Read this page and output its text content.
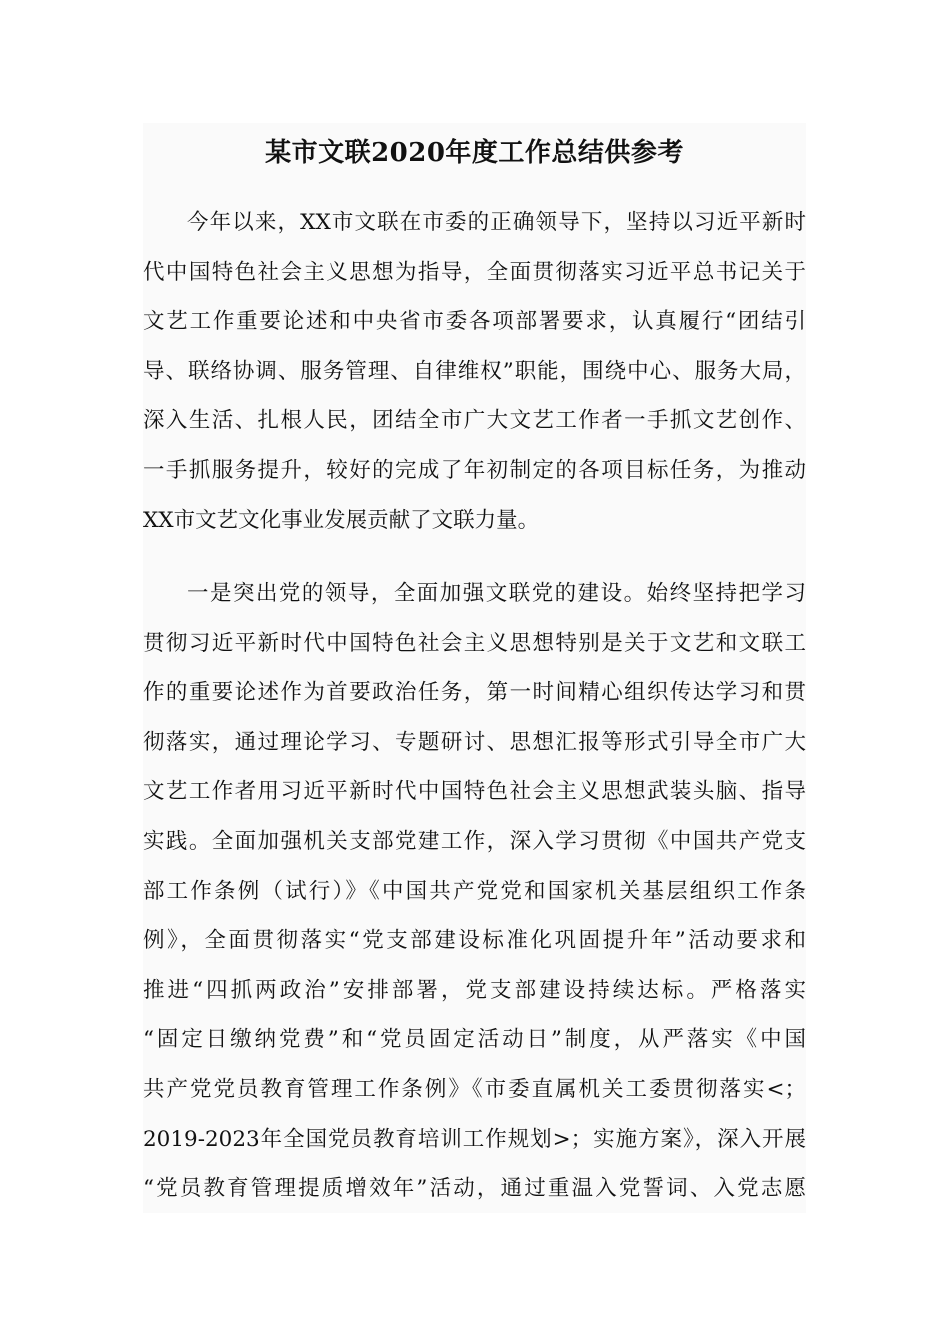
某市文联2020年度工作总结供参考
今年以来，XX市文联在市委的正确领导下，坚持以习近平新时
代中国特色社会主义思想为指导，全面贯彻落实习近平总书记关于
文艺工作重要论述和中央省市委各项部署要求，认真履行“团结引
导、联络协调、服务管理、自律维权”职能，围绕中心、服务大局，
深入生活、扎根人民，团结全市广大文艺工作者一手抓文艺创作、
一手抓服务提升，较好的完成了年初制定的各项目标任务，为推动
XX市文艺文化事业发展贡献了文联力量。
一是突出党的领导，全面加强文联党的建设。始终坚持把学习
贯彻习近平新时代中国特色社会主义思想特别是关于文艺和文联工
作的重要论述作为首要政治任务，第一时间精心组织传达学习和贯
彻落实，通过理论学习、专题研讨、思想汇报等形式引导全市广大
文艺工作者用习近平新时代中国特色社会主义思想武装头脑、指导
实践。全面加强机关支部党建工作，深入学习贯彻《中国共产党支
部工作条例（试行）》《中国共产党党和国家机关基层组织工作条
例》，全面贯彻落实“党支部建设标准化巩固提升年”活动要求和
推进“四抓两政治”安排部署，党支部建设持续达标。严格落实
“固定日缴纳党费”和“党员固定活动日”制度，从严落实《中国
共产党党员教育管理工作条例》《市委直属机关工委贯彻落实<；
2019-2023年全国党员教育培训工作规划>；实施方案》，深入开展
“党员教育管理提质增效年”活动，通过重温入党誓词、入党志愿
